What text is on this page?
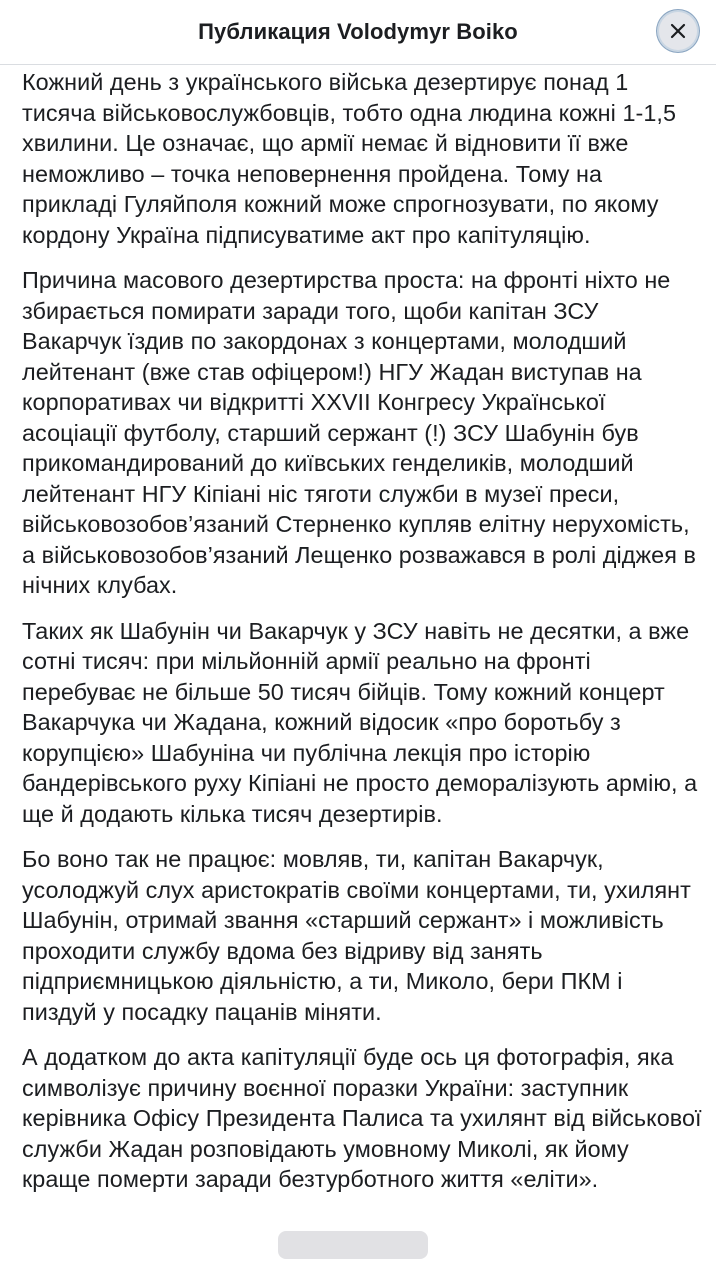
Публикация Volodymyr Boiko

Кожний день з українського війська дезертирує понад 1 тисяча військовослужбовців, тобто одна людина кожні 1-1,5 хвилини. Це означає, що армії немає й відновити її вже неможливо – точка неповернення пройдена. Тому на прикладі Гуляйполя кожний може спрогнозувати, по якому кордону Україна підписуватиме акт про капітуляцію.

Причина масового дезертирства проста: на фронті ніхто не збирається помирати заради того, щоби капітан ЗСУ Вакарчук їздив по закордонах з концертами, молодший лейтенант (вже став офіцером!) НГУ Жадан виступав на корпоративах чи відкритті XXVII Конгресу Української асоціації футболу, старший сержант (!) ЗСУ Шабунін був прикомандирований до київських генделиків, молодший лейтенант НГУ Кіпіані ніс тяготи служби в музеї преси, військовозобов’язаний Стерненко купляв елітну нерухомість, а військовозобов’язаний Лещенко розважався в ролі діджея в нічних клубах.

Таких як Шабунін чи Вакарчук у ЗСУ навіть не десятки, а вже сотні тисяч: при мільйонній армії реально на фронті перебуває не більше 50 тисяч бійців. Тому кожний концерт Вакарчука чи Жадана, кожний відосик «про боротьбу з корупцією» Шабуніна чи публічна лекція про історію бандерівського руху Кіпіані не просто деморалізують армію, а ще й додають кілька тисяч дезертирів.

Бо воно так не працює: мовляв, ти, капітан Вакарчук, усолоджуй слух аристократів своїми концертами, ти, ухилянт Шабунін, отримай звання «старший сержант» і можливість проходити службу вдома без відриву від занять підприємницькою діяльністю, а ти, Миколо, бери ПКМ і пиздуй у посадку пацанів міняти.

А додатком до акта капітуляції буде ось ця фотографія, яка символізує причину воєнної поразки України: заступник керівника Офісу Президента Палиса та ухилянт від військової служби Жадан розповідають умовному Миколі, як йому краще померти заради безтурботного життя «еліти».
